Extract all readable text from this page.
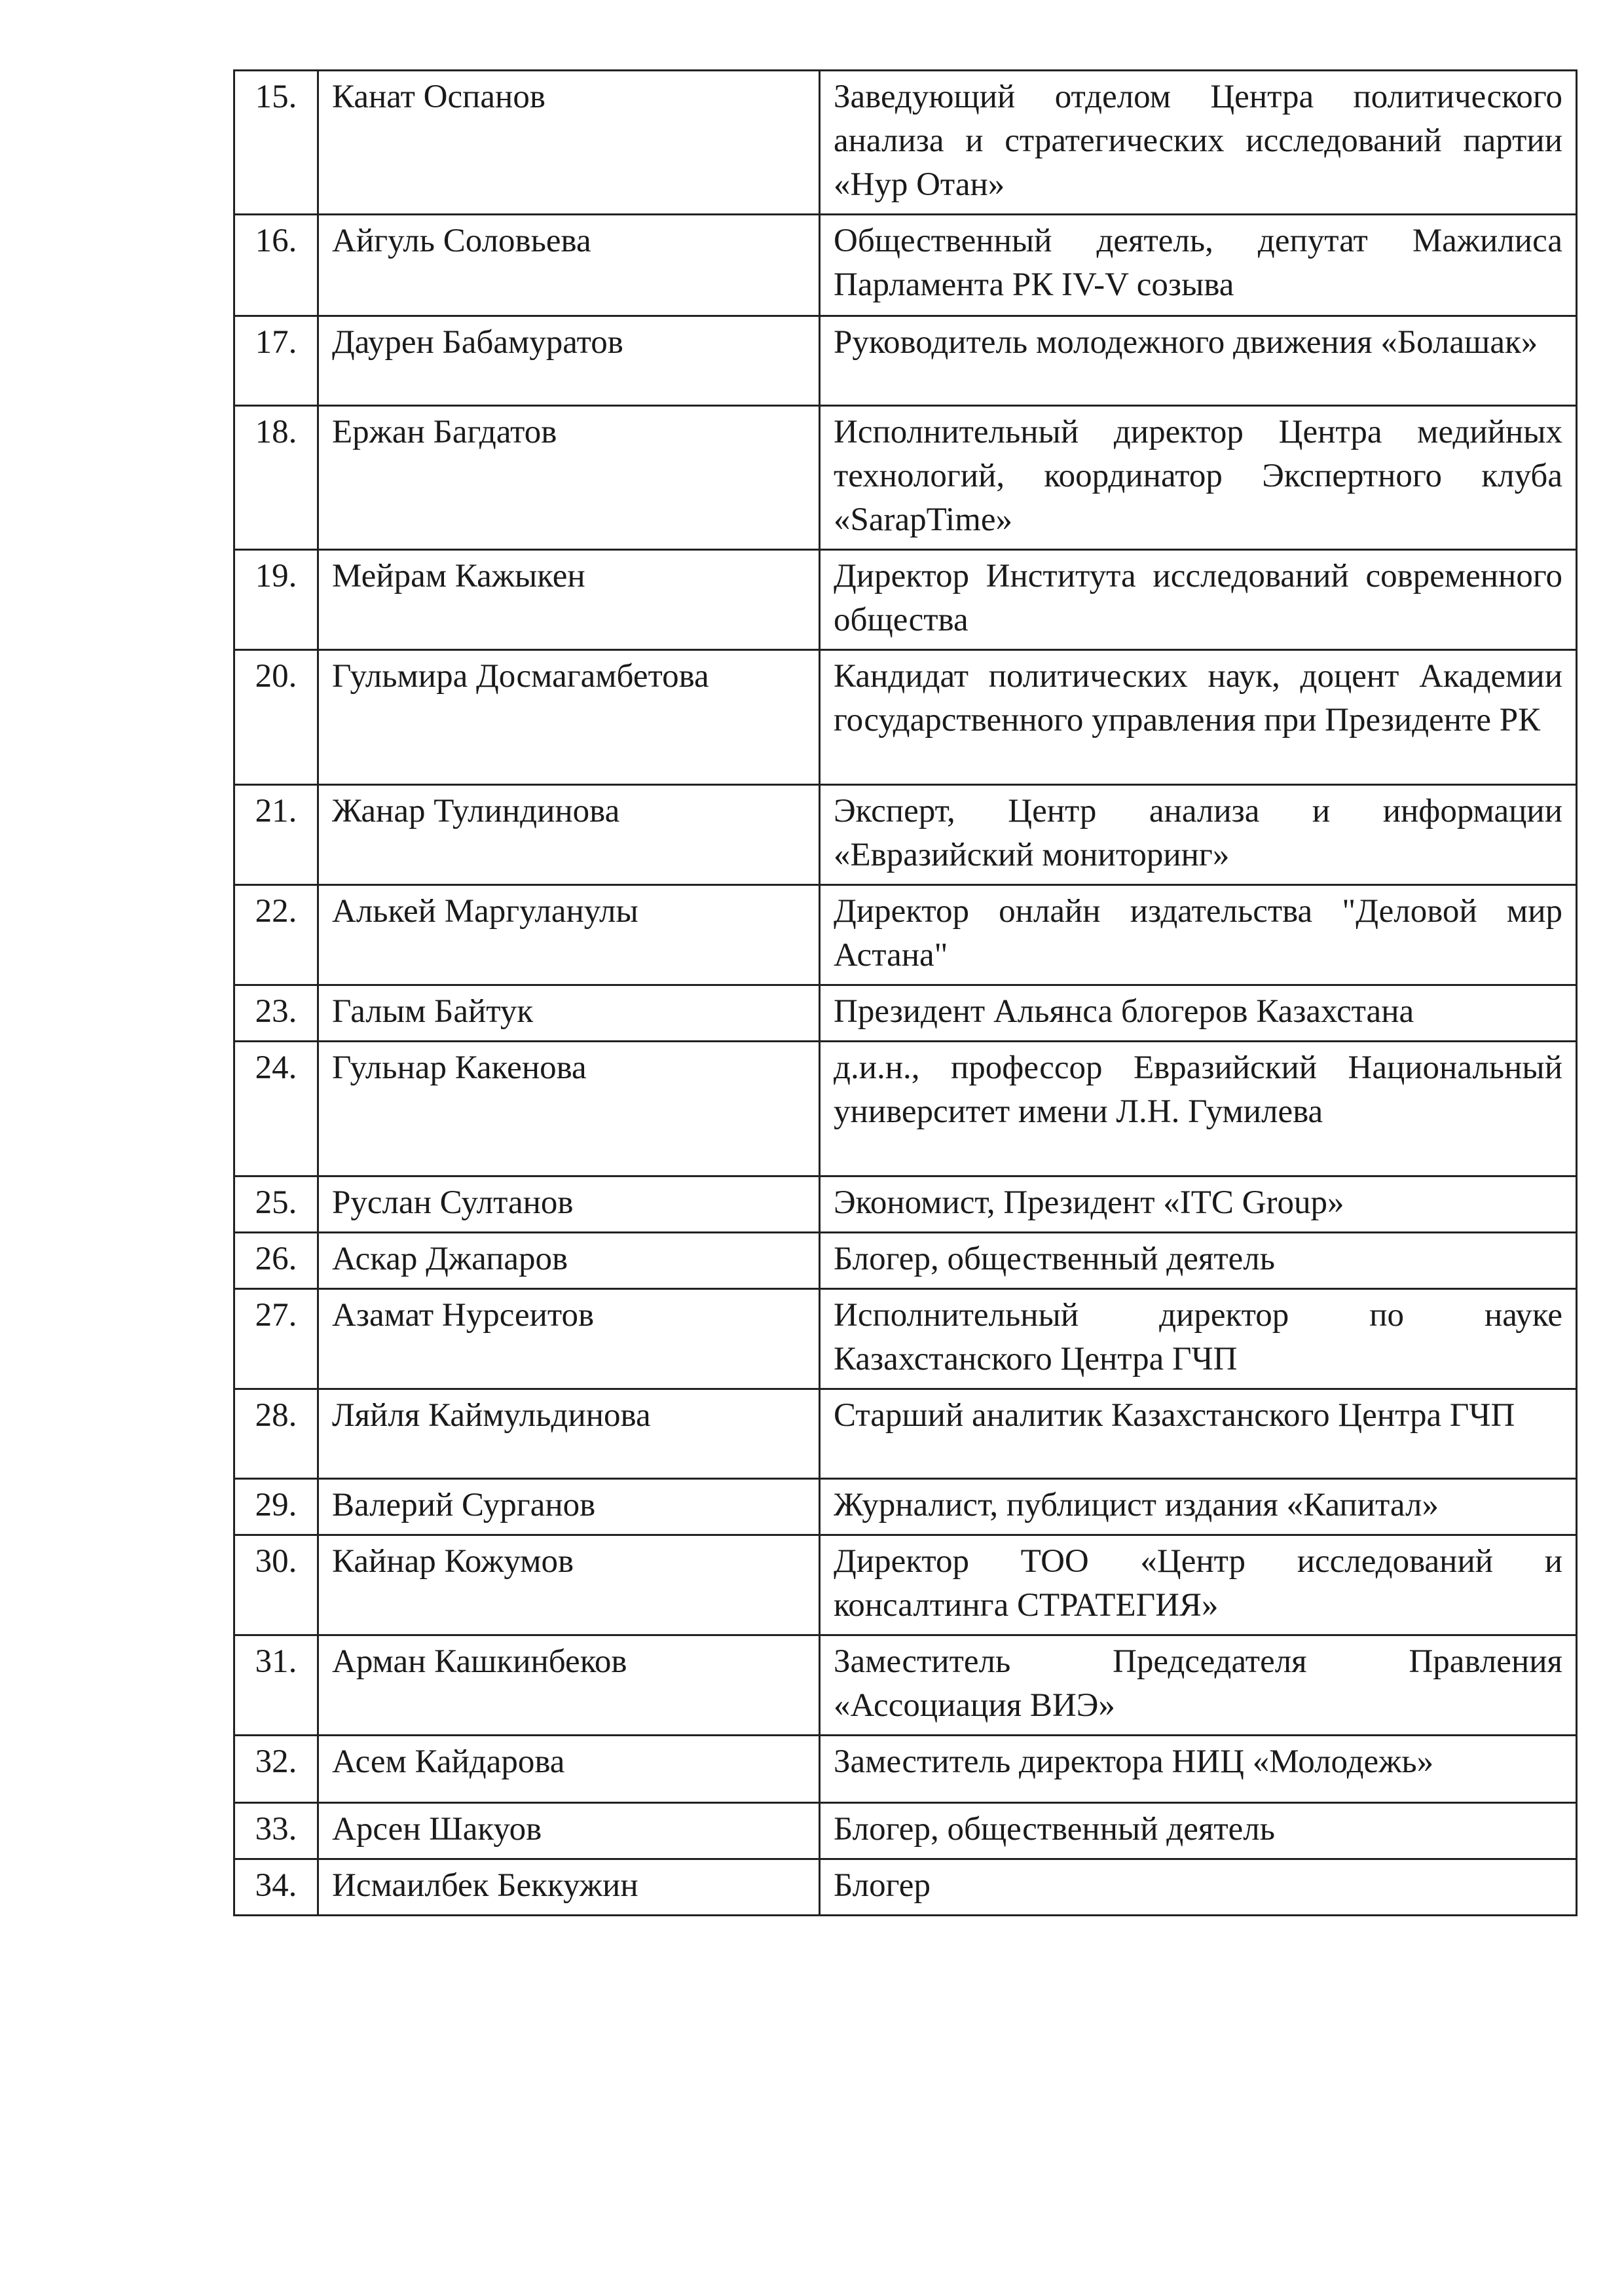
15.	Канат Оспанов	Заведующий отделом Центра политического анализа и стратегических исследований партии «Нур Отан»
16.	Айгуль Соловьева	Общественный деятель, депутат Мажилиса Парламента РК IV-V созыва
17.	Даурен Бабамуратов	Руководитель молодежного движения «Болашак»
18.	Ержан Багдатов	Исполнительный директор Центра медийных технологий, координатор Экспертного клуба «SarapTime»
19.	Мейрам Кажыкен	Директор Института исследований современного общества
20.	Гульмира Досмагамбетова	Кандидат политических наук, доцент Академии государственного управления при Президенте РК
21.	Жанар Тулиндинова	Эксперт, Центр анализа и информации «Евразийский мониторинг»
22.	Алькей Маргуланулы	Директор онлайн издательства "Деловой мир Астана"
23.	Галым Байтук	Президент Альянса блогеров Казахстана
24.	Гульнар Какенова	д.и.н., профессор Евразийский Национальный университет имени Л.Н. Гумилева
25.	Руслан Султанов	Экономист, Президент «ITC Group»
26.	Аскар Джапаров	Блогер, общественный деятель
27.	Азамат Нурсеитов	Исполнительный директор по науке Казахстанского Центра ГЧП
28.	Ляйля Каймульдинова	Старший аналитик Казахстанского Центра ГЧП
29.	Валерий Сурганов	Журналист, публицист издания «Капитал»
30.	Кайнар Кожумов	Директор ТОО «Центр исследований и консалтинга СТРАТЕГИЯ»
31.	Арман Кашкинбеков	Заместитель Председателя Правления «Ассоциация ВИЭ»
32.	Асем Кайдарова	Заместитель директора НИЦ «Молодежь»
33.	Арсен Шакуов	Блогер, общественный деятель
34.	Исмаилбек Беккужин	Блогер
